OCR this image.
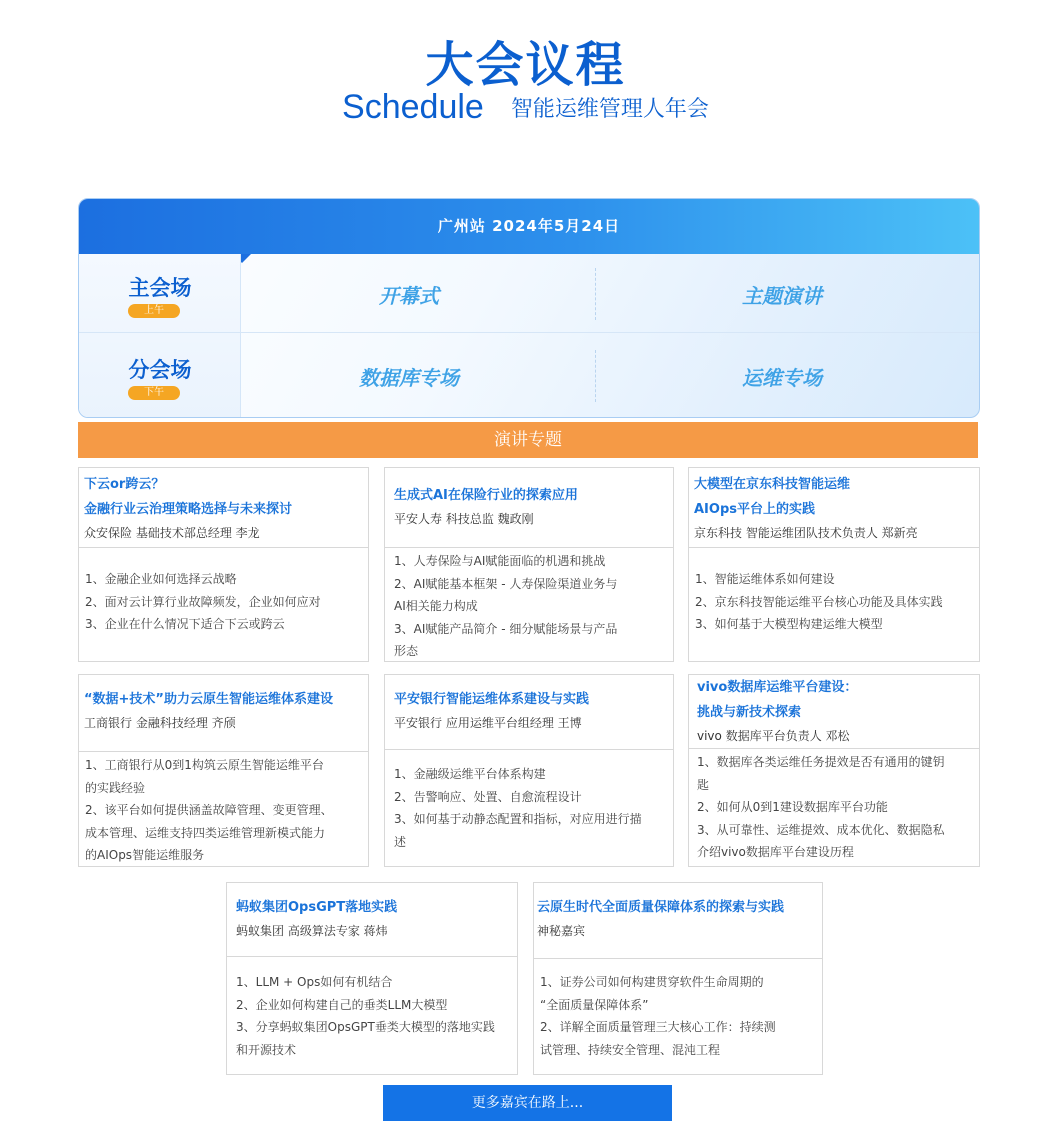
大会议程
Schedule 智能运维管理人年会
广州站 2024年5月24日
主会场
上午
开幕式	主题演讲
分会场
下午
数据库专场	运维专场
演讲专题
下云or跨云？
金融行业云治理策略选择与未来探讨
众安保险 基础技术部总经理 李龙

1、金融企业如何选择云战略

2、面对云计算行业故障频发，企业如何应对

3、企业在什么情况下适合下云或跨云

生成式AI在保险行业的探索应用
平安人寿 科技总监 魏政刚

1、人寿保险与AI赋能面临的机遇和挑战

2、AI赋能基本框架 - 人寿保险渠道业务与

AI相关能力构成

3、AI赋能产品简介 - 细分赋能场景与产品

形态

大模型在京东科技智能运维
AIOps平台上的实践
京东科技 智能运维团队技术负责人 郑新亮

1、智能运维体系如何建设

2、京东科技智能运维平台核心功能及具体实践

3、如何基于大模型构建运维大模型

“数据+技术”助力云原生智能运维体系建设
工商银行 金融科技经理 齐颀

1、工商银行从0到1构筑云原生智能运维平台

的实践经验

2、该平台如何提供涵盖故障管理、变更管理、

成本管理、运维支持四类运维管理新模式能力

的AIOps智能运维服务

平安银行智能运维体系建设与实践
平安银行 应用运维平台组经理 王博

1、金融级运维平台体系构建

2、告警响应、处置、自愈流程设计

3、如何基于动静态配置和指标，对应用进行描

述

vivo数据库运维平台建设：
挑战与新技术探索
vivo 数据库平台负责人 邓松

1、数据库各类运维任务提效是否有通用的键钥

匙

2、如何从0到1建设数据库平台功能

3、从可靠性、运维提效、成本优化、数据隐私

介绍vivo数据库平台建设历程

蚂蚁集团OpsGPT落地实践
蚂蚁集团 高级算法专家 蒋炜

1、LLM + Ops如何有机结合

2、企业如何构建自己的垂类LLM大模型

3、分享蚂蚁集团OpsGPT垂类大模型的落地实践

和开源技术

云原生时代全面质量保障体系的探索与实践
神秘嘉宾

1、证券公司如何构建贯穿软件生命周期的

“全面质量保障体系”

2、详解全面质量管理三大核心工作：持续测

试管理、持续安全管理、混沌工程

更多嘉宾在路上...
